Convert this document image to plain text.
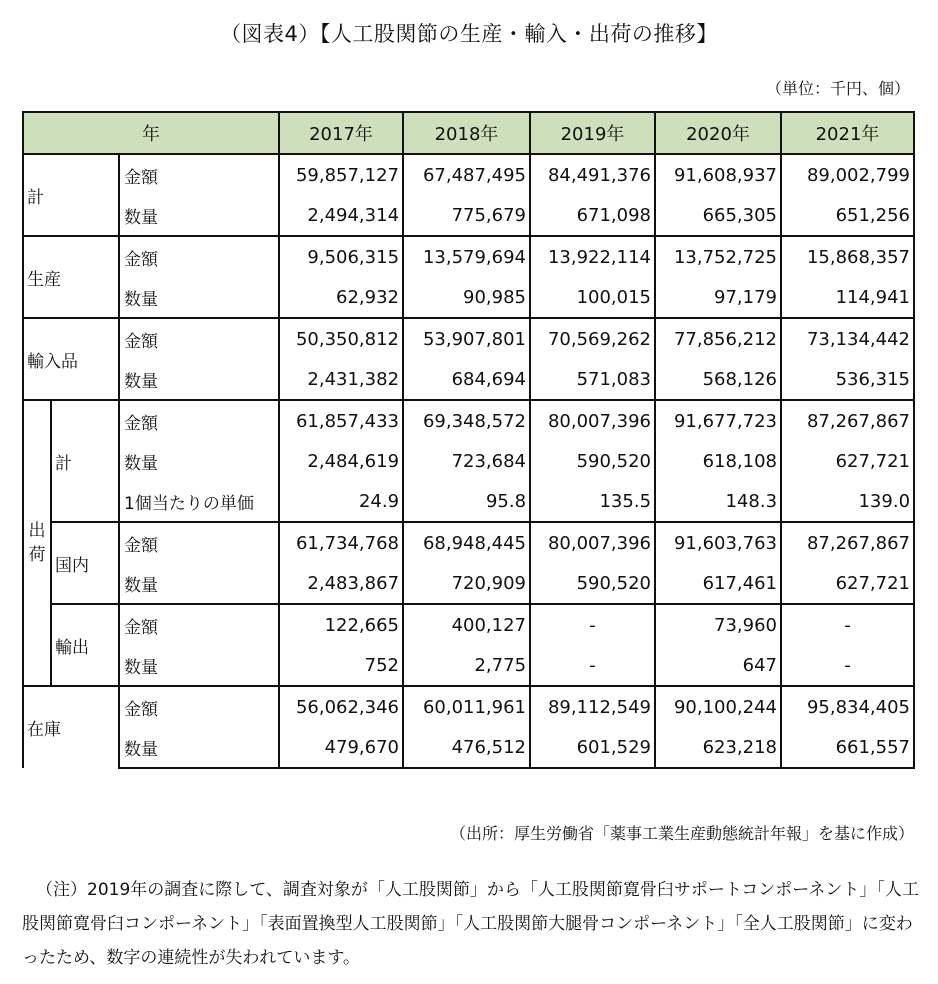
（図表4）【人工股関節の生産・輸入・出荷の推移】
（単位：千円、個）
年			2017年	2018年	2019年	2020年	2021年
計		金額	59,857,127	67,487,495	84,491,376	91,608,937	89,002,799
		数量	2,494,314	775,679	671,098	665,305	651,256
生産		金額	9,506,315	13,579,694	13,922,114	13,752,725	15,868,357
		数量	62,932	90,985	100,015	97,179	114,941
輸入品		金額	50,350,812	53,907,801	70,569,262	77,856,212	73,134,442
		数量	2,431,382	684,694	571,083	568,126	536,315

出
荷	計	金額	61,857,433	69,348,572	80,007,396	91,677,723	87,267,867
		数量	2,484,619	723,684	590,520	618,108	627,721
		1個当たりの単価	24.9	95.8	135.5	148.3	139.0
	国内	金額	61,734,768	68,948,445	80,007,396	91,603,763	87,267,867
		数量	2,483,867	720,909	590,520	617,461	627,721
	輸出	金額	122,665	400,127	-	73,960	-
		数量	752	2,775	-	647	-
在庫		金額	56,062,346	60,011,961	89,112,549	90,100,244	95,834,405
		数量	479,670	476,512	601,529	623,218	661,557
（出所：厚生労働省「薬事工業生産動態統計年報」を基に作成）
（注）2019年の調査に際して、調査対象が「人工股関節」から「人工股関節寛骨臼サポートコンポーネント」「人工股関節寛骨臼コンポーネント」「表面置換型人工股関節」「人工股関節大腿骨コンポーネント」「全人工股関節」に変わったため、数字の連続性が失われています。
